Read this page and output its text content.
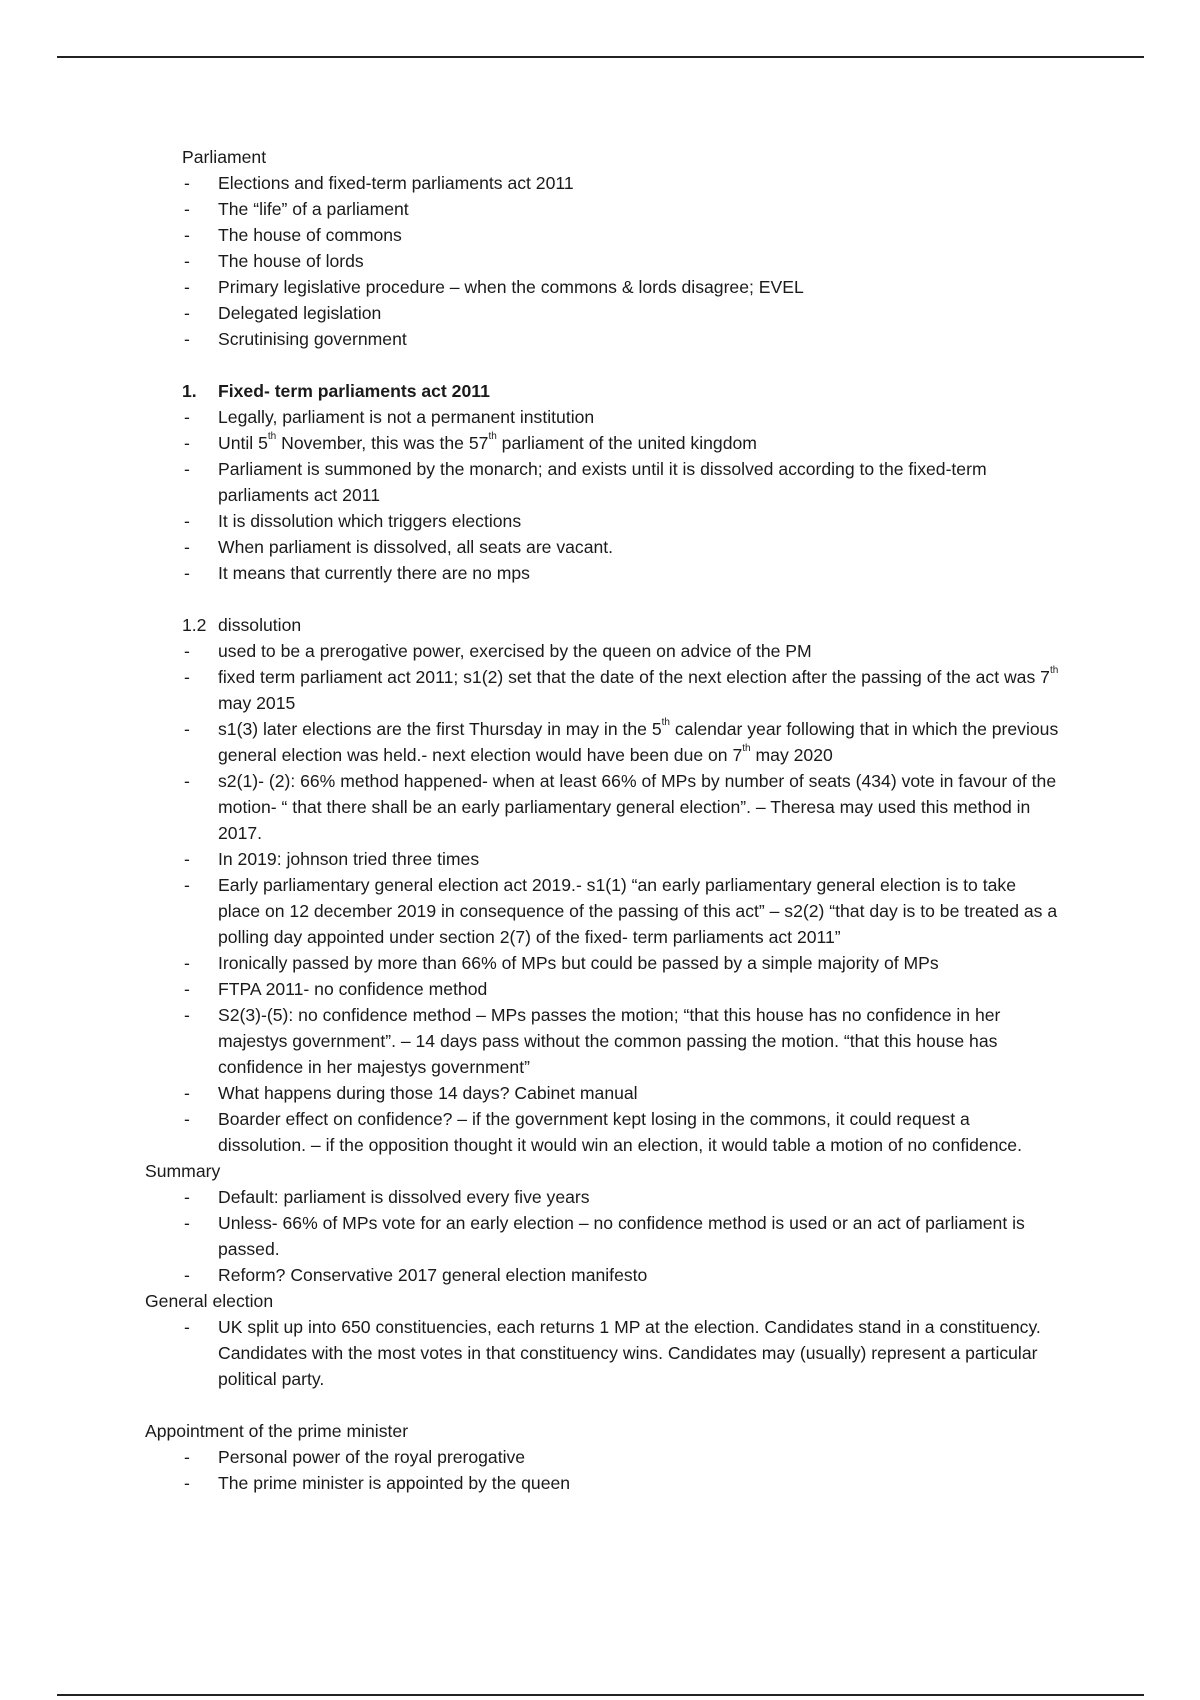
Parliament
- Elections and fixed-term parliaments act 2011
- The “life” of a parliament
- The house of commons
- The house of lords
- Primary legislative procedure – when the commons & lords disagree; EVEL
- Delegated legislation
- Scrutinising government
1. Fixed- term parliaments act 2011
- Legally, parliament is not a permanent institution
- Until 5th November, this was the 57th parliament of the united kingdom
- Parliament is summoned by the monarch; and exists until it is dissolved according to the fixed-term parliaments act 2011
- It is dissolution which triggers elections
- When parliament is dissolved, all seats are vacant.
- It means that currently there are no mps
1.2 dissolution
- used to be a prerogative power, exercised by the queen on advice of the PM
- fixed term parliament act 2011; s1(2) set that the date of the next election after the passing of the act was 7th may 2015
- s1(3) later elections are the first Thursday in may in the 5th calendar year following that in which the previous general election was held.- next election would have been due on 7th may 2020
- s2(1)- (2): 66% method happened- when at least 66% of MPs by number of seats (434) vote in favour of the motion- “ that there shall be an early parliamentary general election”. – Theresa may used this method in 2017.
- In 2019: johnson tried three times
- Early parliamentary general election act 2019.- s1(1) “an early parliamentary general election is to take place on 12 december 2019 in consequence of the passing of this act” – s2(2) “that day is to be treated as a polling day appointed under section 2(7) of the fixed- term parliaments act 2011”
- Ironically passed by more than 66% of MPs but could be passed by a simple majority of MPs
- FTPA 2011- no confidence method
- S2(3)-(5): no confidence method – MPs passes the motion; “that this house has no confidence in her majestys government”. – 14 days pass without the common passing the motion. “that this house has confidence in her majestys government”
- What happens during those 14 days? Cabinet manual
- Boarder effect on confidence? – if the government kept losing in the commons, it could request a dissolution. – if the opposition thought it would win an election, it would table a motion of no confidence.
Summary
- Default: parliament is dissolved every five years
- Unless- 66% of MPs vote for an early election – no confidence method is used or an act of parliament is passed.
- Reform? Conservative 2017 general election manifesto
General election
- UK split up into 650 constituencies, each returns 1 MP at the election. Candidates stand in a constituency. Candidates with the most votes in that constituency wins. Candidates may (usually) represent a particular political party.
Appointment of the prime minister
- Personal power of the royal prerogative
- The prime minister is appointed by the queen
